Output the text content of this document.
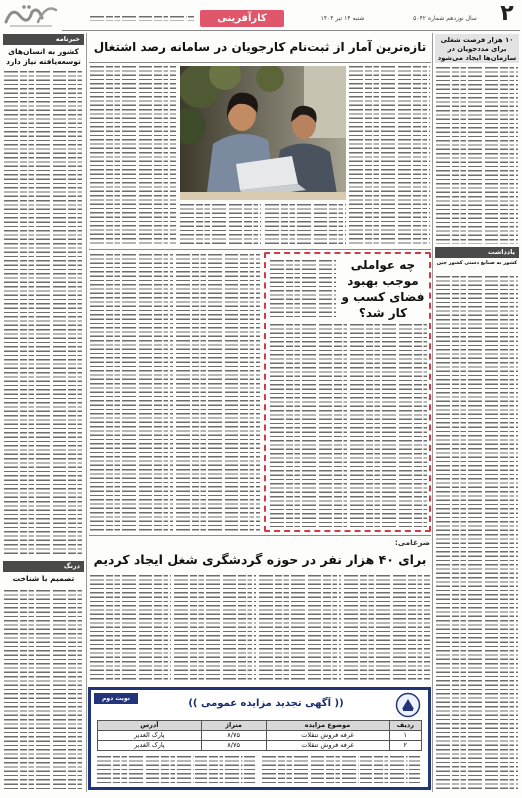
۲
سال نوزدهم شماره ۵۰۴۲
شنبه ۱۴ تیر ۱۴۰۴
کارآفرینی
خبرنامه
کشور به انسان‌های توسعه‌یافته نیاز دارد
درنگ
تصمیم با شناخت
۱۰ هزار فرصت شغلی برای مددجویان در سازمان‌ها ایجاد می‌شود
یادداشت
کشور به صنایع دستی کشور چین
تازه‌ترین آمار از ثبت‌نام کارجویان در سامانه رصد اشتغال
چه عواملی موجب بهبود فضای کسب و کار شد؟
ضرغامی:
برای ۴۰ هزار نفر در حوزه گردشگری شغل ایجاد کردیم
نوبت دوم	(( آگهی تجدید مزایده عمومی ))
ردیف	موضوع مزایده	متراژ	آدرس
۱	غرفه فروش تنقلات	۸/۷۵	پارک الغدیر
۲	غرفه فروش تنقلات	۸/۷۵	پارک الغدیر
